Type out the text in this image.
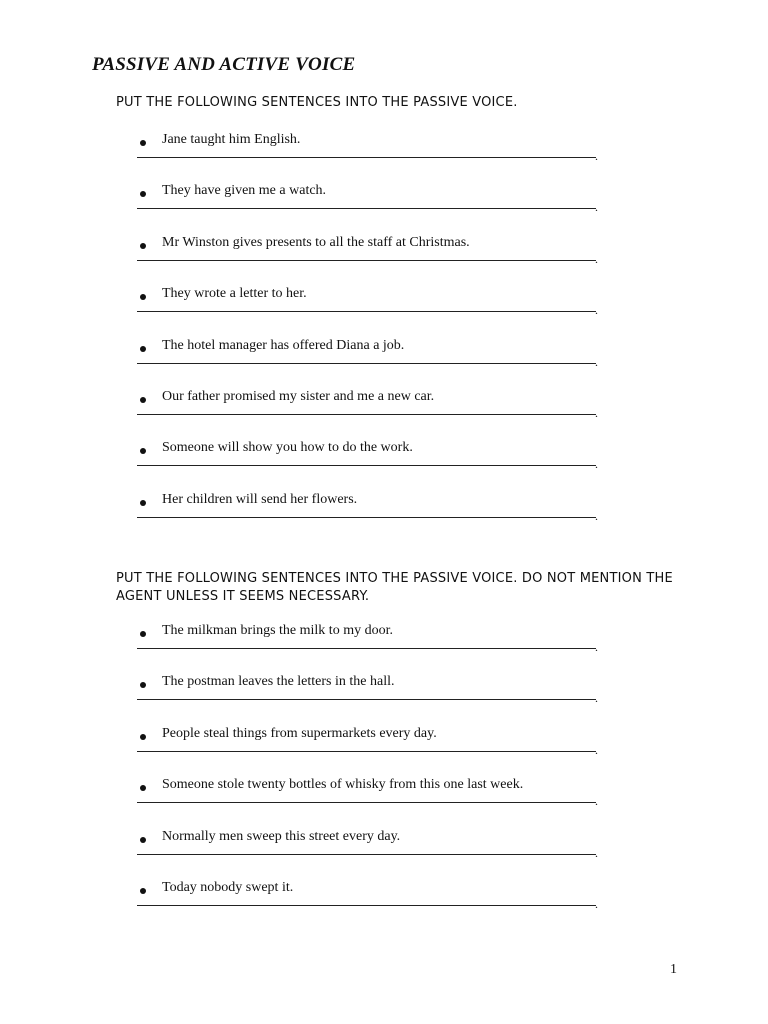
PASSIVE AND ACTIVE VOICE
PUT THE FOLLOWING SENTENCES INTO THE PASSIVE VOICE.
Jane taught him English.
.
They have given me a watch.
.
Mr Winston gives presents to all the staff at Christmas.
.
They wrote a letter to her.
.
The hotel manager has offered Diana a job.
.
Our father promised my sister and me a new car.
.
Someone will show you how to do the work.
.
Her children will send her flowers.
.
PUT THE FOLLOWING SENTENCES INTO THE PASSIVE VOICE. DO NOT MENTION THE AGENT UNLESS IT SEEMS NECESSARY.
The milkman brings the milk to my door.
.
The postman leaves the letters in the hall.
.
People steal things from supermarkets every day.
.
Someone stole twenty bottles of whisky from this one last week.
.
Normally men sweep this street every day.
.
Today nobody swept it.
.
1
